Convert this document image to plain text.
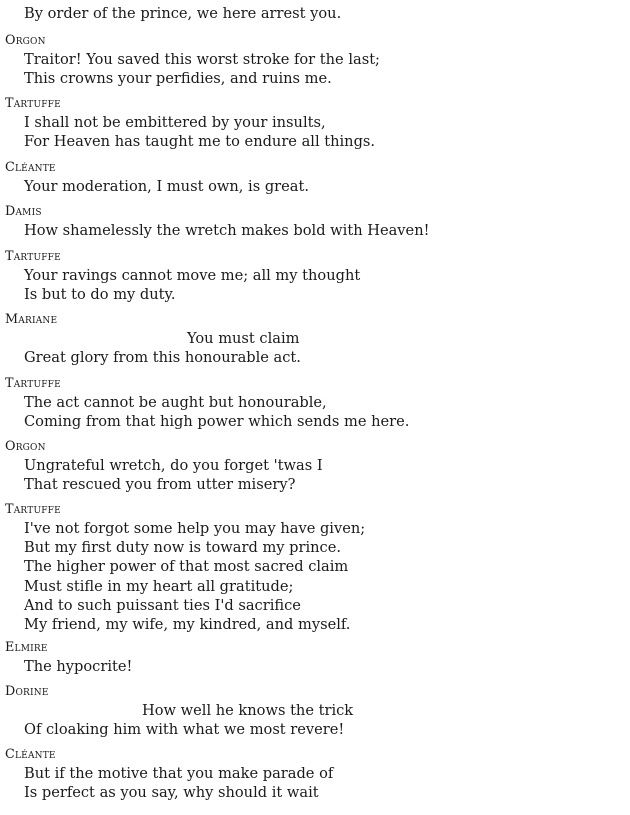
By order of the prince, we here arrest you.
Orgon
Traitor! You saved this worst stroke for the last;
This crowns your perfidies, and ruins me.
Tartuffe
I shall not be embittered by your insults,
For Heaven has taught me to endure all things.
Cléante
Your moderation, I must own, is great.
Damis
How shamelessly the wretch makes bold with Heaven!
Tartuffe
Your ravings cannot move me; all my thought
Is but to do my duty.
Mariane
You must claim
Great glory from this honourable act.
Tartuffe
The act cannot be aught but honourable,
Coming from that high power which sends me here.
Orgon
Ungrateful wretch, do you forget 'twas I
That rescued you from utter misery?
Tartuffe
I've not forgot some help you may have given;
But my first duty now is toward my prince.
The higher power of that most sacred claim
Must stifle in my heart all gratitude;
And to such puissant ties I'd sacrifice
My friend, my wife, my kindred, and myself.
Elmire
The hypocrite!
Dorine
How well he knows the trick
Of cloaking him with what we most revere!
Cléante
But if the motive that you make parade of
Is perfect as you say, why should it wait
